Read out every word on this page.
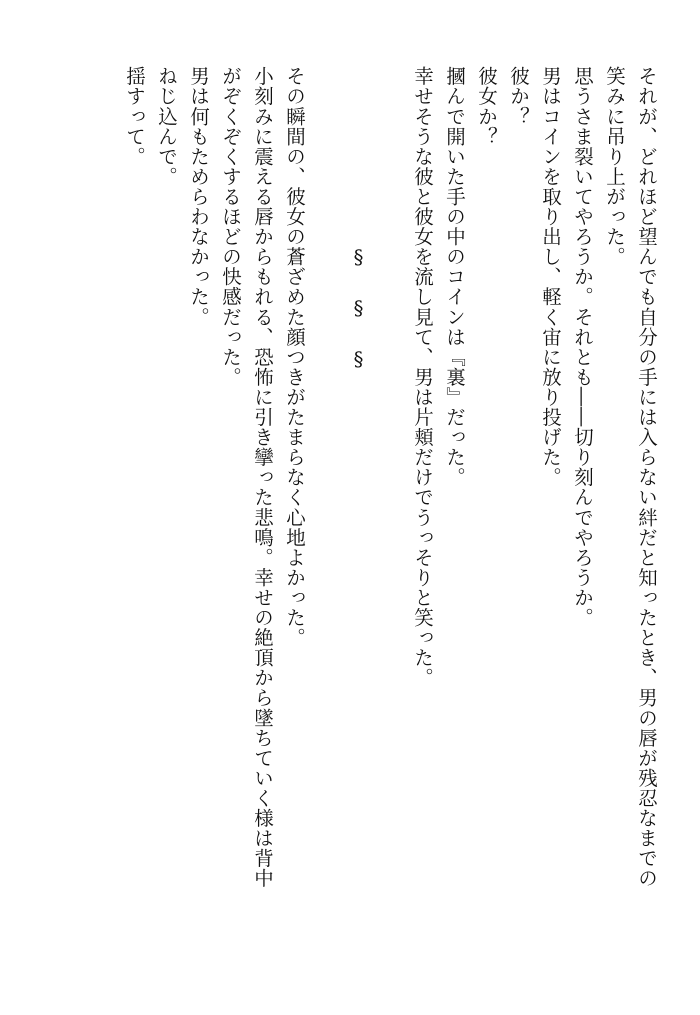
それが、どれほど望んでも自分の手には入らない絆だと知ったとき、男の唇が残忍なまでの
笑みに吊り上がった。
思うさま裂いてやろうか。それとも――切り刻んでやろうか。
男はコインを取り出し、軽く宙に放り投げた。
彼か？
彼女か？
摑んで開いた手の中のコインは『裏』だった。
幸せそうな彼と彼女を流し見て、男は片頬だけでうっそりと笑った。
§§§
その瞬間の、彼女の蒼ざめた顔つきがたまらなく心地よかった。
小刻みに震える唇からもれる、恐怖に引き攣った悲鳴。幸せの絶頂から墜ちていく様は背中
がぞくぞくするほどの快感だった。
男は何もためらわなかった。
ねじ込んで。
揺すって。
